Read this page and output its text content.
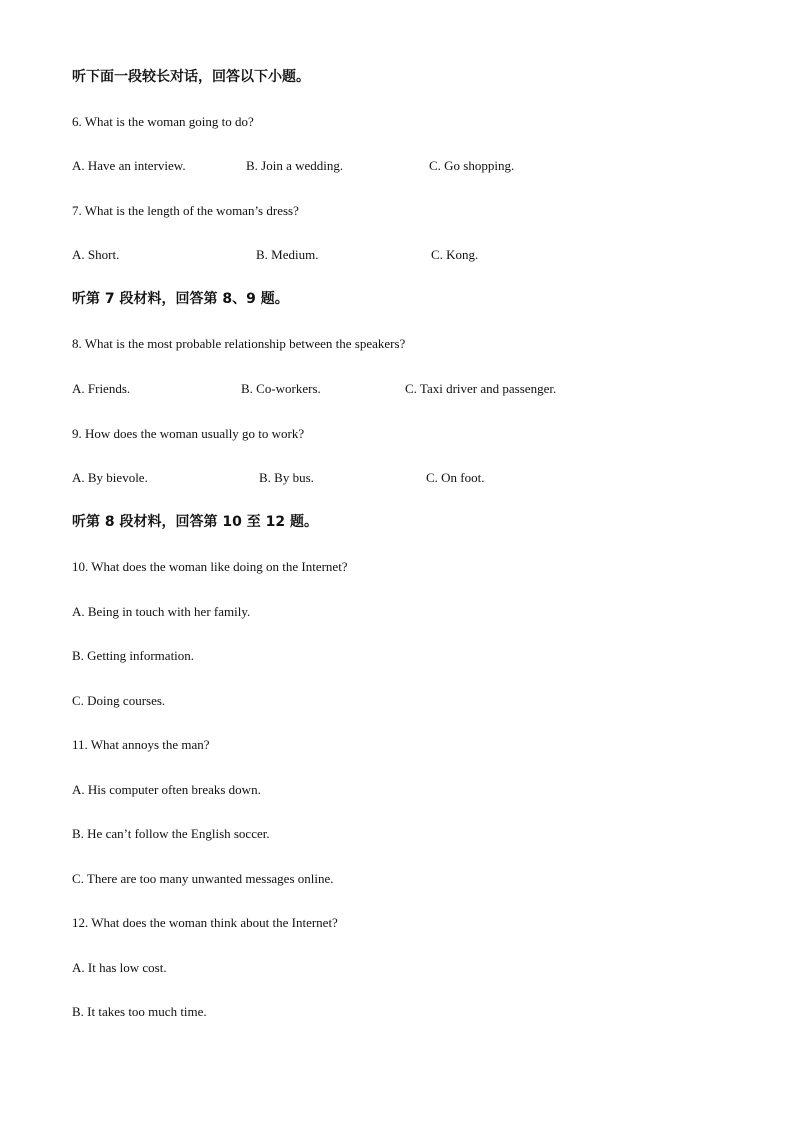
听下面一段较长对话，回答以下小题。
6. What is the woman going to do?
A. Have an interview.	B. Join a wedding.	C. Go shopping.
7. What is the length of the woman’s dress?
A. Short.	B. Medium.	C. Kong.
听第 7 段材料，回答第 8、9 题。
8. What is the most probable relationship between the speakers?
A. Friends.	B. Co-workers.	C. Taxi driver and passenger.
9. How does the woman usually go to work?
A. By bievole.	B. By bus.	C. On foot.
听第 8 段材料，回答第 10 至 12 题。
10. What does the woman like doing on the Internet?
A. Being in touch with her family.
B. Getting information.
C. Doing courses.
11. What annoys the man?
A. His computer often breaks down.
B. He can’t follow the English soccer.
C. There are too many unwanted messages online.
12. What does the woman think about the Internet?
A. It has low cost.
B. It takes too much time.
